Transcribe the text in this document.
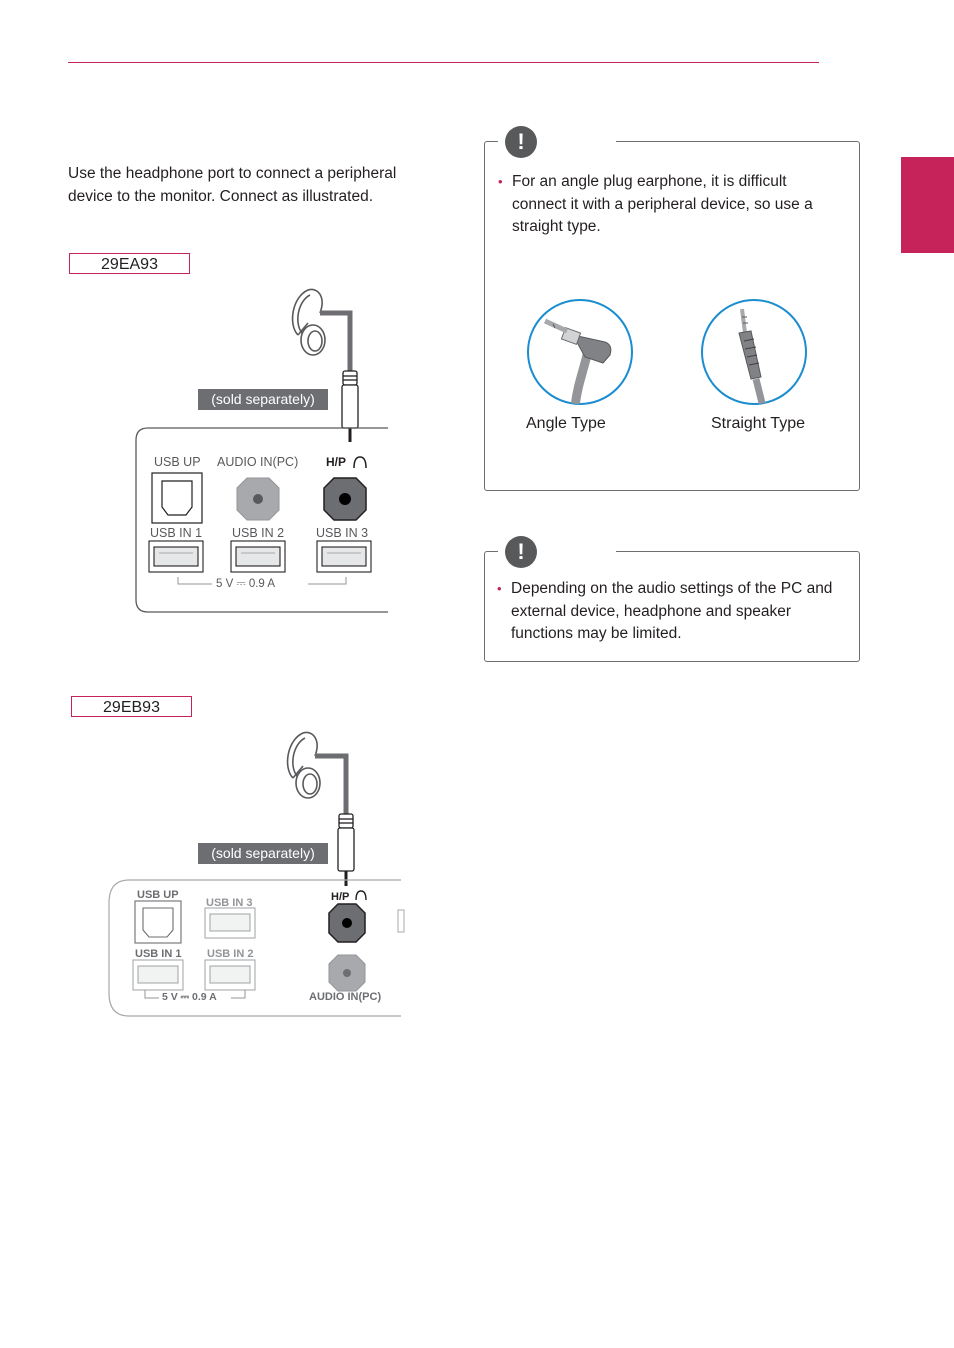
Use the headphone port to connect a peripheral device to the monitor. Connect as illustrated.
29EA93
(sold separately)
USB UP AUDIO IN(PC) H/P
USB IN 1 USB IN 2	USB IN 3
5 V ⎓ 0.9 A
29EB93
(sold separately)
USB UP
USB IN 3	H/P
USB IN 1 USB IN 2
5 V ⎓ 0.9 A	AUDIO IN(PC)
!
• For an angle plug earphone, it is difficult connect it with a peripheral device, so use a straight type.
Angle Type	Straight Type
!
• Depending on the audio settings of the PC and external device, headphone and speaker functions may be limited.
